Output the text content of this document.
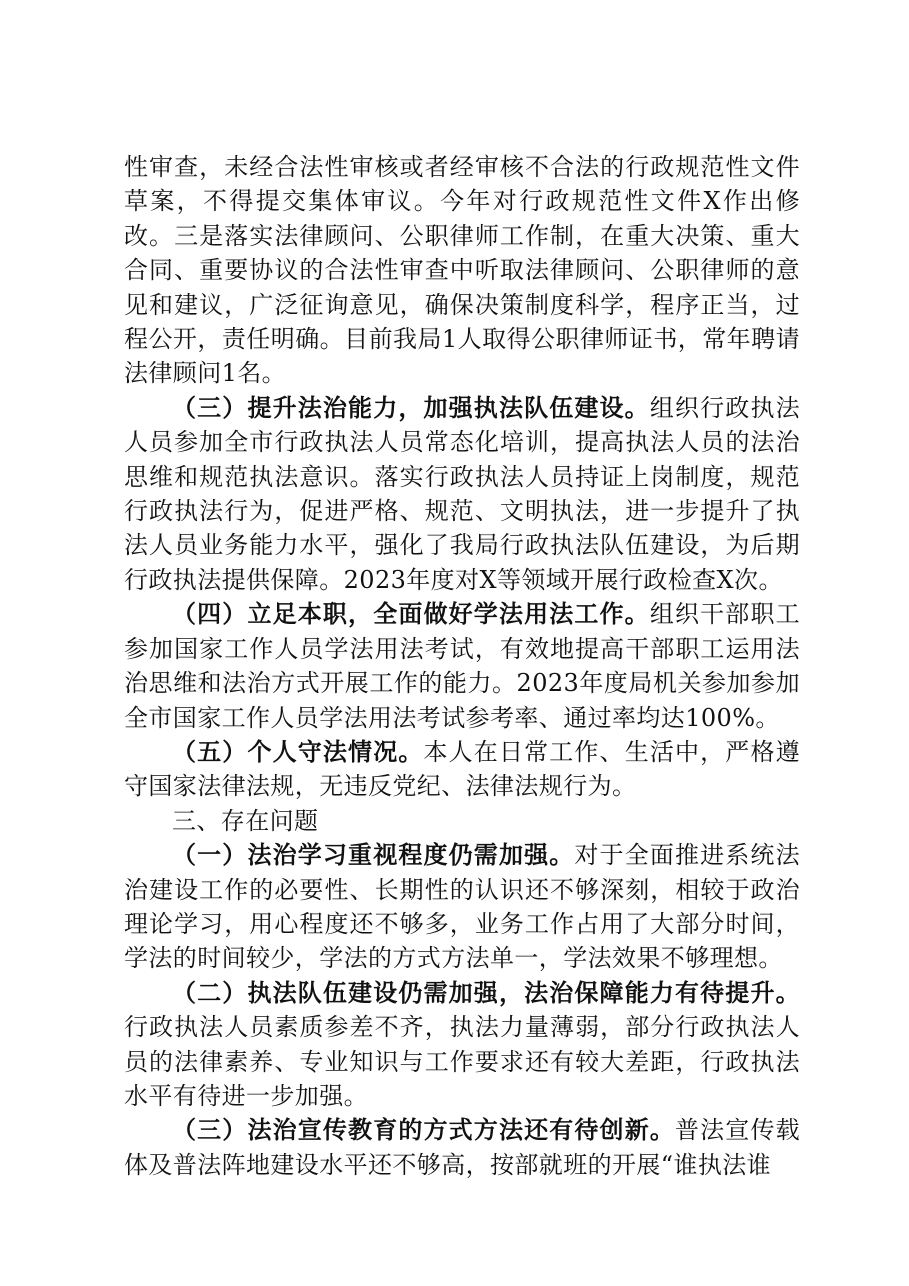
性审查，未经合法性审核或者经审核不合法的行政规范性文件草案，不得提交集体审议。今年对行政规范性文件X作出修改。三是落实法律顾问、公职律师工作制，在重大决策、重大合同、重要协议的合法性审查中听取法律顾问、公职律师的意见和建议，广泛征询意见，确保决策制度科学，程序正当，过程公开，责任明确。目前我局1人取得公职律师证书，常年聘请法律顾问1名。

（三）提升法治能力，加强执法队伍建设。组织行政执法人员参加全市行政执法人员常态化培训，提高执法人员的法治思维和规范执法意识。落实行政执法人员持证上岗制度，规范行政执法行为，促进严格、规范、文明执法，进一步提升了执法人员业务能力水平，强化了我局行政执法队伍建设，为后期行政执法提供保障。2023年度对X等领域开展行政检查X次。

（四）立足本职，全面做好学法用法工作。组织干部职工参加国家工作人员学法用法考试，有效地提高干部职工运用法治思维和法治方式开展工作的能力。2023年度局机关参加参加全市国家工作人员学法用法考试参考率、通过率均达100%。

（五）个人守法情况。本人在日常工作、生活中，严格遵守国家法律法规，无违反党纪、法律法规行为。

三、存在问题

（一）法治学习重视程度仍需加强。对于全面推进系统法治建设工作的必要性、长期性的认识还不够深刻，相较于政治理论学习，用心程度还不够多，业务工作占用了大部分时间，学法的时间较少，学法的方式方法单一，学法效果不够理想。

（二）执法队伍建设仍需加强，法治保障能力有待提升。行政执法人员素质参差不齐，执法力量薄弱，部分行政执法人员的法律素养、专业知识与工作要求还有较大差距，行政执法水平有待进一步加强。

（三）法治宣传教育的方式方法还有待创新。普法宣传载体及普法阵地建设水平还不够高，按部就班的开展“谁执法谁
